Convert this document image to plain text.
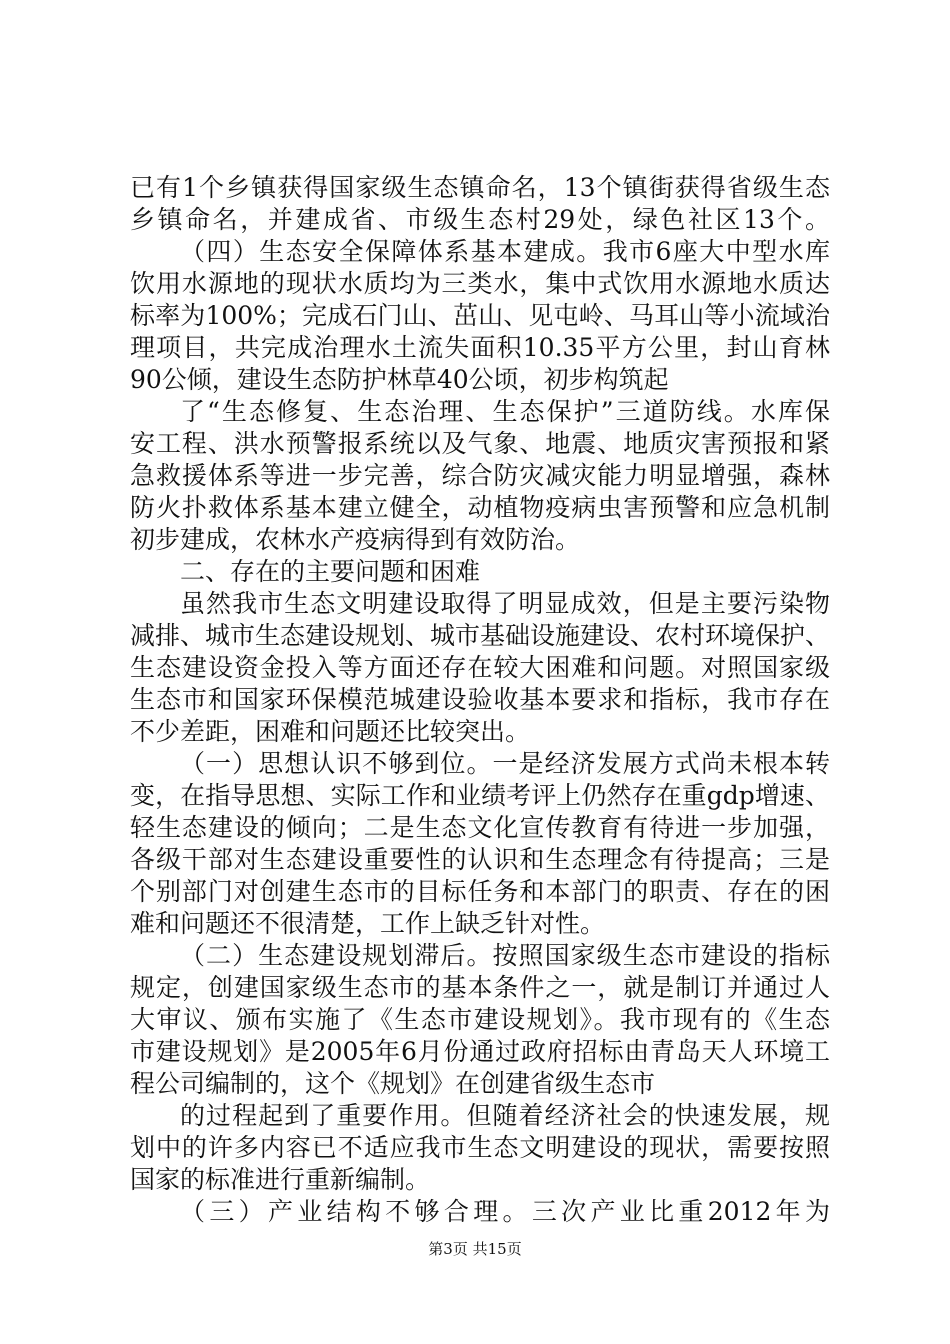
已有1个乡镇获得国家级生态镇命名，13个镇街获得省级生态
乡镇命名，并建成省、市级生态村29处，绿色社区13个。
（四）生态安全保障体系基本建成。我市6座大中型水库
饮用水源地的现状水质均为三类水，集中式饮用水源地水质达
标率为100%；完成石门山、茁山、见屯岭、马耳山等小流域治
理项目，共完成治理水土流失面积10.35平方公里，封山育林
90公倾，建设生态防护林草40公顷，初步构筑起
了“生态修复、生态治理、生态保护”三道防线。水库保
安工程、洪水预警报系统以及气象、地震、地质灾害预报和紧
急救援体系等进一步完善，综合防灾减灾能力明显增强，森林
防火扑救体系基本建立健全，动植物疫病虫害预警和应急机制
初步建成，农林水产疫病得到有效防治。
二、存在的主要问题和困难
虽然我市生态文明建设取得了明显成效，但是主要污染物
减排、城市生态建设规划、城市基础设施建设、农村环境保护、
生态建设资金投入等方面还存在较大困难和问题。对照国家级
生态市和国家环保模范城建设验收基本要求和指标，我市存在
不少差距，困难和问题还比较突出。
（一）思想认识不够到位。一是经济发展方式尚未根本转
变，在指导思想、实际工作和业绩考评上仍然存在重gdp增速、
轻生态建设的倾向；二是生态文化宣传教育有待进一步加强，
各级干部对生态建设重要性的认识和生态理念有待提高；三是
个别部门对创建生态市的目标任务和本部门的职责、存在的困
难和问题还不很清楚，工作上缺乏针对性。
（二）生态建设规划滞后。按照国家级生态市建设的指标
规定，创建国家级生态市的基本条件之一，就是制订并通过人
大审议、颁布实施了《生态市建设规划》。我市现有的《生态
市建设规划》是2005年6月份通过政府招标由青岛天人环境工
程公司编制的，这个《规划》在创建省级生态市
的过程起到了重要作用。但随着经济社会的快速发展，规
划中的许多内容已不适应我市生态文明建设的现状，需要按照
国家的标准进行重新编制。
（三）产业结构不够合理。三次产业比重2012年为
第3页 共15页
